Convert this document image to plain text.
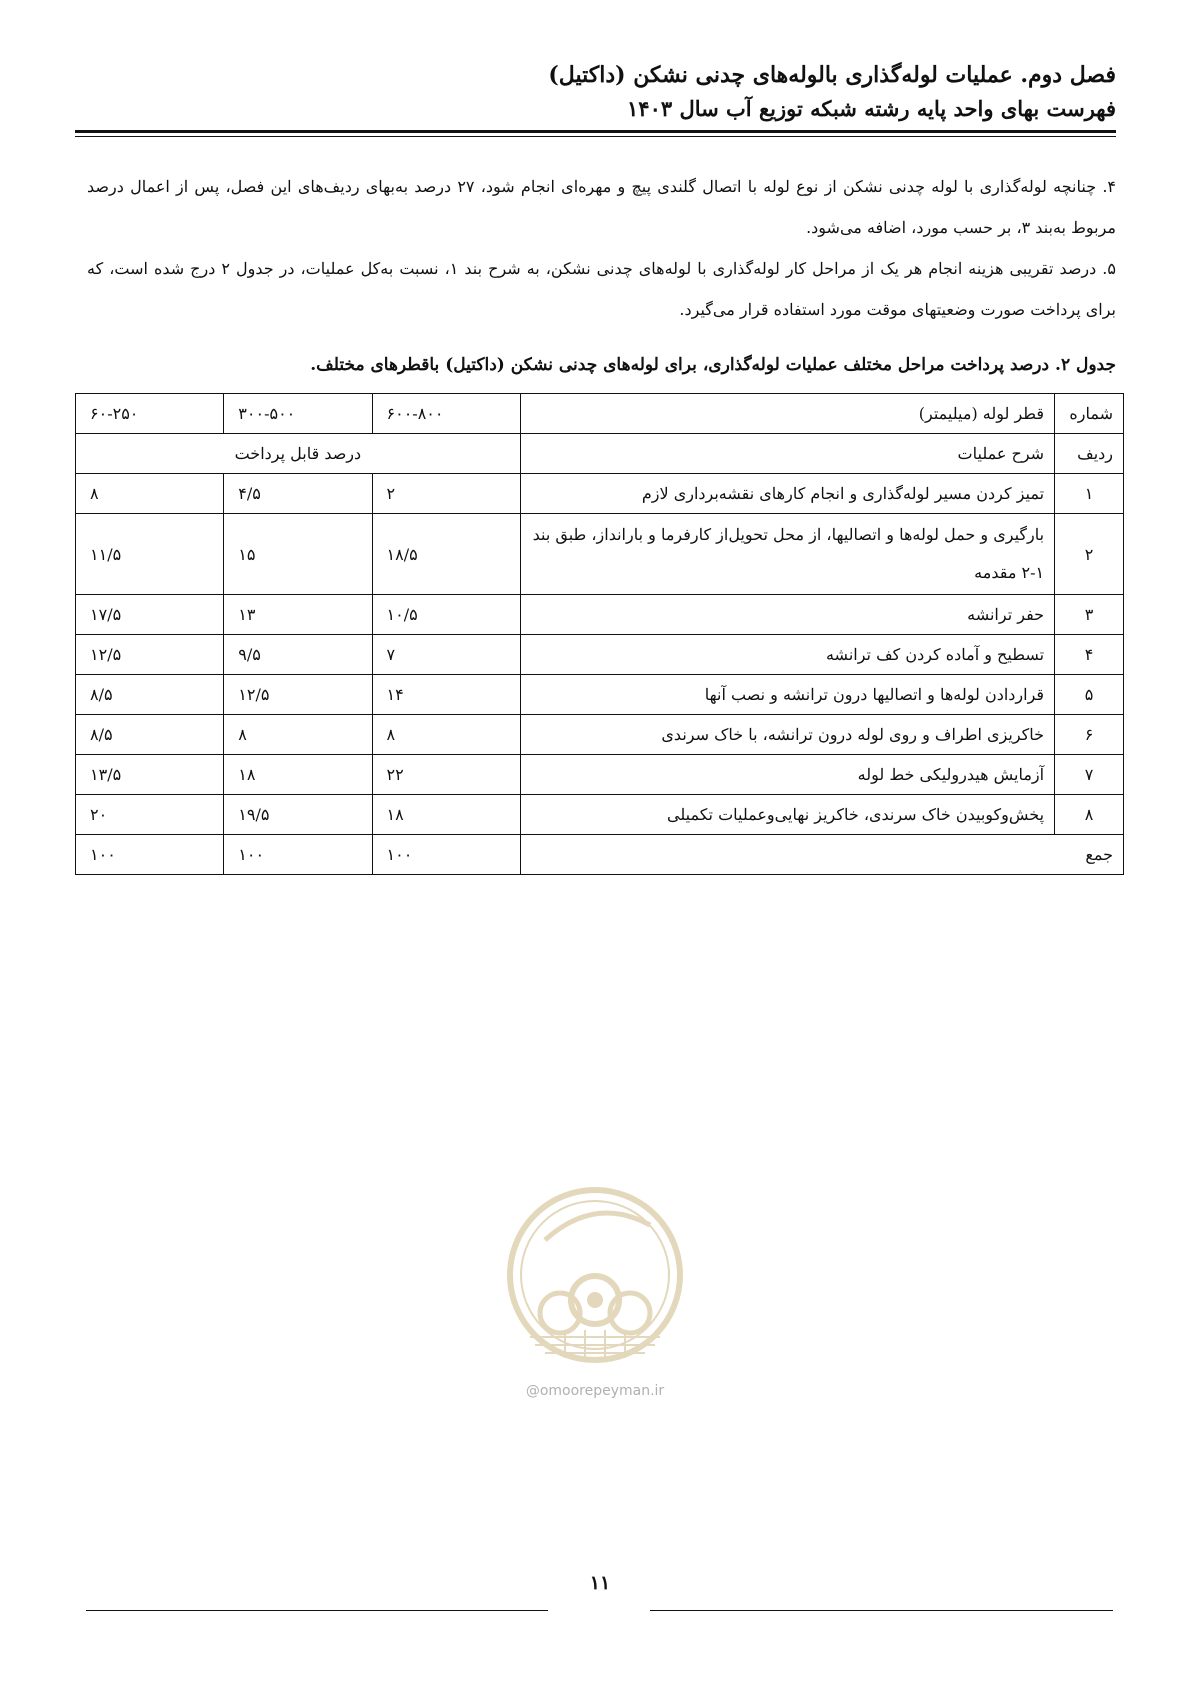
فصل دوم. عملیات لوله‌گذاری بالوله‌های چدنی نشکن (داکتیل)
فهرست بهای واحد پایه رشته شبکه توزیع آب سال ۱۴۰۳

۴. چنانچه لوله‌گذاری با لوله چدنی نشکن از نوع لوله با اتصال گلندی پیچ و مهره‌ای انجام شود، ۲۷ درصد به‌بهای ردیف‌های این فصل، پس از اعمال درصد مربوط به‌بند ۳، بر حسب مورد، اضافه می‌شود.

۵. درصد تقریبی هزینه انجام هر یک از مراحل کار لوله‌گذاری با لوله‌های چدنی نشکن، به شرح بند ۱، نسبت به‌کل عملیات، در جدول ۲ درج شده است، که برای پرداخت صورت وضعیتهای موقت مورد استفاده قرار می‌گیرد.

جدول ۲. درصد پرداخت مراحل مختلف عملیات لوله‌گذاری، برای لوله‌های چدنی نشکن (داکتیل) باقطرهای مختلف.
شماره	قطر لوله (میلیمتر)	۶۰۰-۸۰۰	۳۰۰-۵۰۰	۶۰-۲۵۰
ردیف	شرح عملیات	درصد قابل پرداخت		
۱	تمیز کردن مسیر لوله‌گذاری و انجام کارهای نقشه‌برداری لازم	۲	۴/۵	۸
۲	بارگیری و حمل لوله‌ها و اتصالیها، از محل تحویل‌از کارفرما و بارانداز، طبق بند ۱-۲ مقدمه	۱۸/۵	۱۵	۱۱/۵
۳	حفر ترانشه	۱۰/۵	۱۳	۱۷/۵
۴	تسطیح و آماده کردن کف ترانشه	۷	۹/۵	۱۲/۵
۵	قراردادن لوله‌ها و اتصالیها درون ترانشه و نصب آنها	۱۴	۱۲/۵	۸/۵
۶	خاکریزی اطراف و روی لوله درون ترانشه، با خاک سرندی	۸	۸	۸/۵
۷	آزمایش هیدرولیکی خط لوله	۲۲	۱۸	۱۳/۵
۸	پخش‌وکوبیدن خاک سرندی، خاکریز نهایی‌وعملیات تکمیلی	۱۸	۱۹/۵	۲۰
جمع		۱۰۰	۱۰۰	۱۰۰
@omoorepeyman.ir
۱۱
